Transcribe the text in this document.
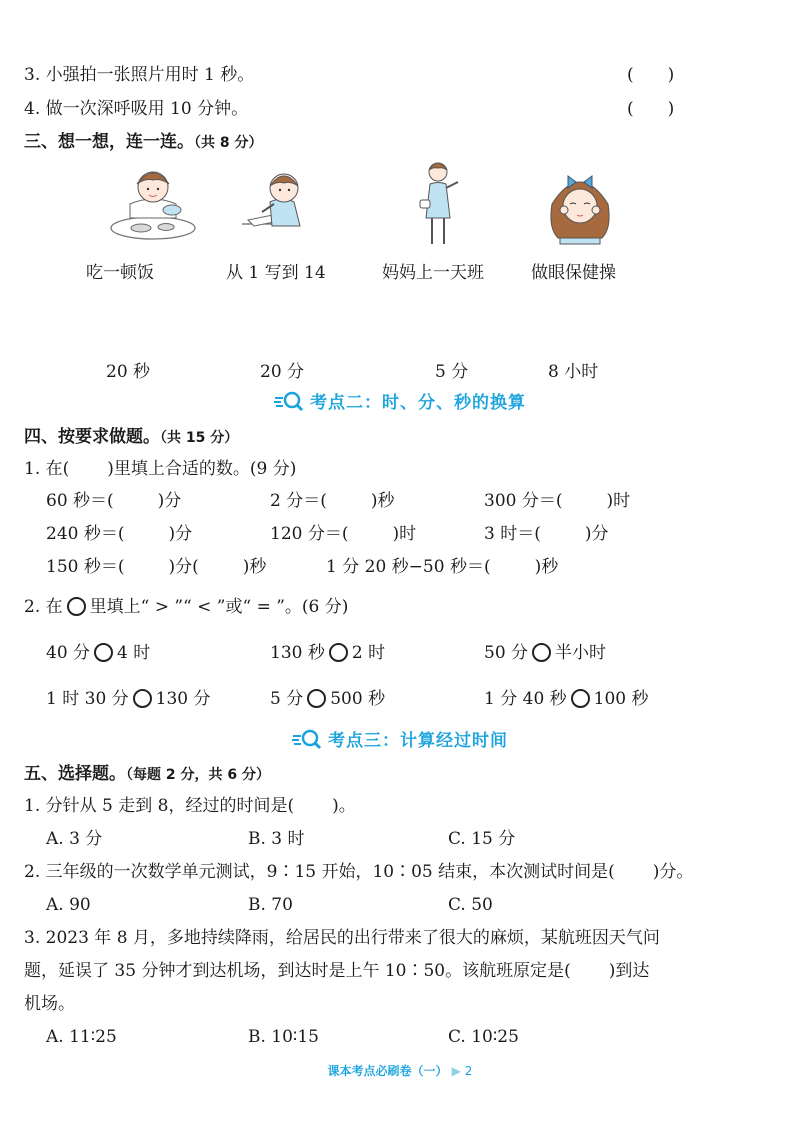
3. 小强拍一张照片用时 1 秒。	(　　)
4. 做一次深呼吸用 10 分钟。	(　　)
三、想一想，连一连。（共 8 分）
吃一顿饭	从 1 写到 14	妈妈上一天班	做眼保健操
20 秒	20 分	5 分	8 小时
考点二：时、分、秒的换算
四、按要求做题。（共 15 分）
1. 在( )里填上合适的数。(9 分)
60 秒＝(	)分	2 分＝(	)秒	300 分＝(	)时
240 秒＝(	)分	120 分＝(	)时	3 时＝(	)分
150 秒＝(	)分(	)秒	1 分 20 秒−50 秒＝(	)秒
2. 在 里填上“ > ”“ < ”或“ = ”。(6 分)
40 分 4 时	130 秒 2 时	50 分 半小时
1 时 30 分 130 分	5 分 500 秒	1 分 40 秒 100 秒
考点三：计算经过时间
五、选择题。（每题 2 分，共 6 分）
1. 分针从 5 走到 8，经过的时间是( )。
A. 3 分	B. 3 时	C. 15 分
2. 三年级的一次数学单元测试，9∶15 开始，10∶05 结束，本次测试时间是( )分。
A. 90	B. 70	C. 50
3. 2023 年 8 月，多地持续降雨，给居民的出行带来了很大的麻烦，某航班因天气问
题，延误了 35 分钟才到达机场，到达时是上午 10∶50。该航班原定是( )到达
机场。
A. 11∶25	B. 10∶15	C. 10∶25
课本考点必刷卷（一） ▶ 2
